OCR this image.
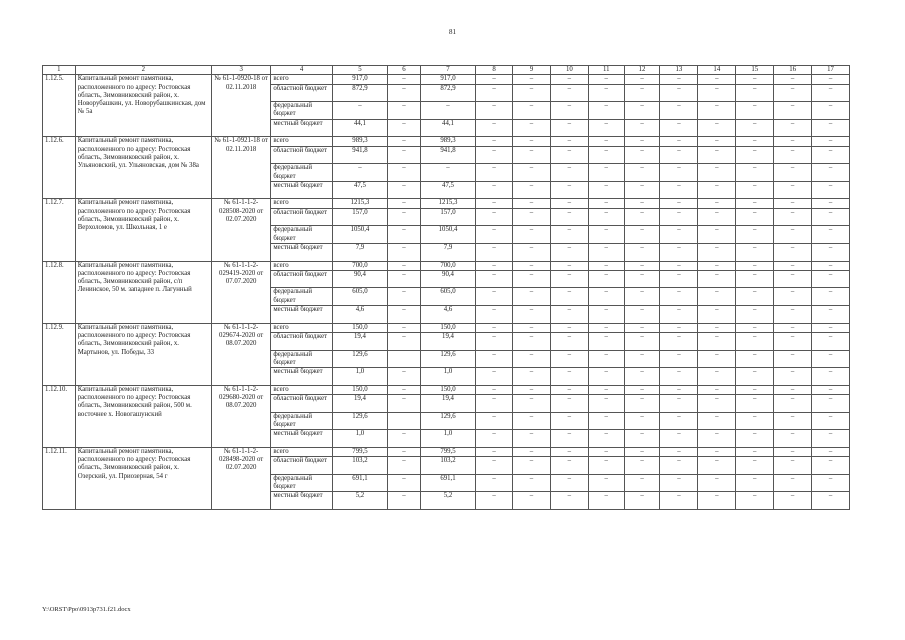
81
1	2	3	4	5	6	7	8	9	10	11	12	13	14	15	16	17
1.12.5.	Капитальный ремонт памятника, расположенного по адресу: Ростовская область, Зимовниковский район, х. Новорубашкин, ул. Новорубашкинская, дом № 5а	№ 61-1-0920-18 от 02.11.2018	всего	917,0	–	917,0	–	–	–	–	–	–	–	–	–	–
			областной бюджет	872,9	–	872,9	–	–	–	–	–	–	–	–	–	–
			федеральный бюджет	–	–	–	–	–	–	–	–	–	–	–	–	–
			местный бюджет	44,1	–	44,1	–	–	–	–	–	–	–	–	–	–
1.12.6.	Капитальный ремонт памятника, расположенного по адресу: Ростовская область, Зимовниковский район, х. Ульяновский, ул. Ульяновская, дом № 38а	№ 61-1-0921-18 от 02.11.2018	всего	989,3	–	989,3	–	–	–	–	–	–	–	–	–	–
			областной бюджет	941,8	–	941,8	–	–	–	–	–	–	–	–	–	–
			федеральный бюджет	–	–	–	–	–	–	–	–	–	–	–	–	–
			местный бюджет	47,5	–	47,5	–	–	–	–	–	–	–	–	–	–
1.12.7.	Капитальный ремонт памятника, расположенного по адресу: Ростовская область, Зимовниковский район, х. Верхоломов, ул. Школьная, 1 е	№ 61-1-1-2-028508-2020 от 02.07.2020	всего	1215,3	–	1215,3	–	–	–	–	–	–	–	–	–	–
			областной бюджет	157,0	–	157,0	–	–	–	–	–	–	–	–	–	–
			федеральный бюджет	1050,4	–	1050,4	–	–	–	–	–	–	–	–	–	–
			местный бюджет	7,9	–	7,9	–	–	–	–	–	–	–	–	–	–
1.12.8.	Капитальный ремонт памятника, расположенного по адресу: Ростовская область, Зимовниковский район, с/п Ленинское, 50 м. западнее п. Лагунный	№ 61-1-1-2-029419-2020 от 07.07.2020	всего	700,0	–	700,0	–	–	–	–	–	–	–	–	–	–
			областной бюджет	90,4	–	90,4	–	–	–	–	–	–	–	–	–	–
			федеральный бюджет	605,0	–	605,0	–	–	–	–	–	–	–	–	–	–
			местный бюджет	4,6	–	4,6	–	–	–	–	–	–	–	–	–	–
1.12.9.	Капитальный ремонт памятника, расположенного по адресу: Ростовская область, Зимовниковский район, х. Мартынов, ул. Победы, 33	№ 61-1-1-2-029674-2020 от 08.07.2020	всего	150,0	–	150,0	–	–	–	–	–	–	–	–	–	–
			областной бюджет	19,4	–	19,4	–	–	–	–	–	–	–	–	–	–
			федеральный бюджет	129,6		129,6	–	–	–	–	–	–	–	–	–	–
			местный бюджет	1,0	–	1,0	–	–	–	–	–	–	–	–	–	–
1.12.10.	Капитальный ремонт памятника, расположенного по адресу: Ростовская область, Зимовниковский район, 500 м. восточнее х. Новогашунский	№ 61-1-1-2-029680-2020 от 08.07.2020	всего	150,0	–	150,0	–	–	–	–	–	–	–	–	–	–
			областной бюджет	19,4	–	19,4	–	–	–	–	–	–	–	–	–	–
			федеральный бюджет	129,6		129,6	–	–	–	–	–	–	–	–	–	–
			местный бюджет	1,0	–	1,0	–	–	–	–	–	–	–	–	–	–
1.12.11.	Капитальный ремонт памятника, расположенного по адресу: Ростовская область, Зимовниковский район, х. Озерский, ул. Приозерная, 54 г	№ 61-1-1-2-028498-2020 от 02.07.2020	всего	799,5	–	799,5	–	–	–	–	–	–	–	–	–	–
			областной бюджет	103,2	–	103,2	–	–	–	–	–	–	–	–	–	–
			федеральный бюджет	691,1	–	691,1	–	–	–	–	–	–	–	–	–	–
			местный бюджет	5,2	–	5,2	–	–	–	–	–	–	–	–	–	–
Y:\ORST\Ppo\0913p731.f21.docx
